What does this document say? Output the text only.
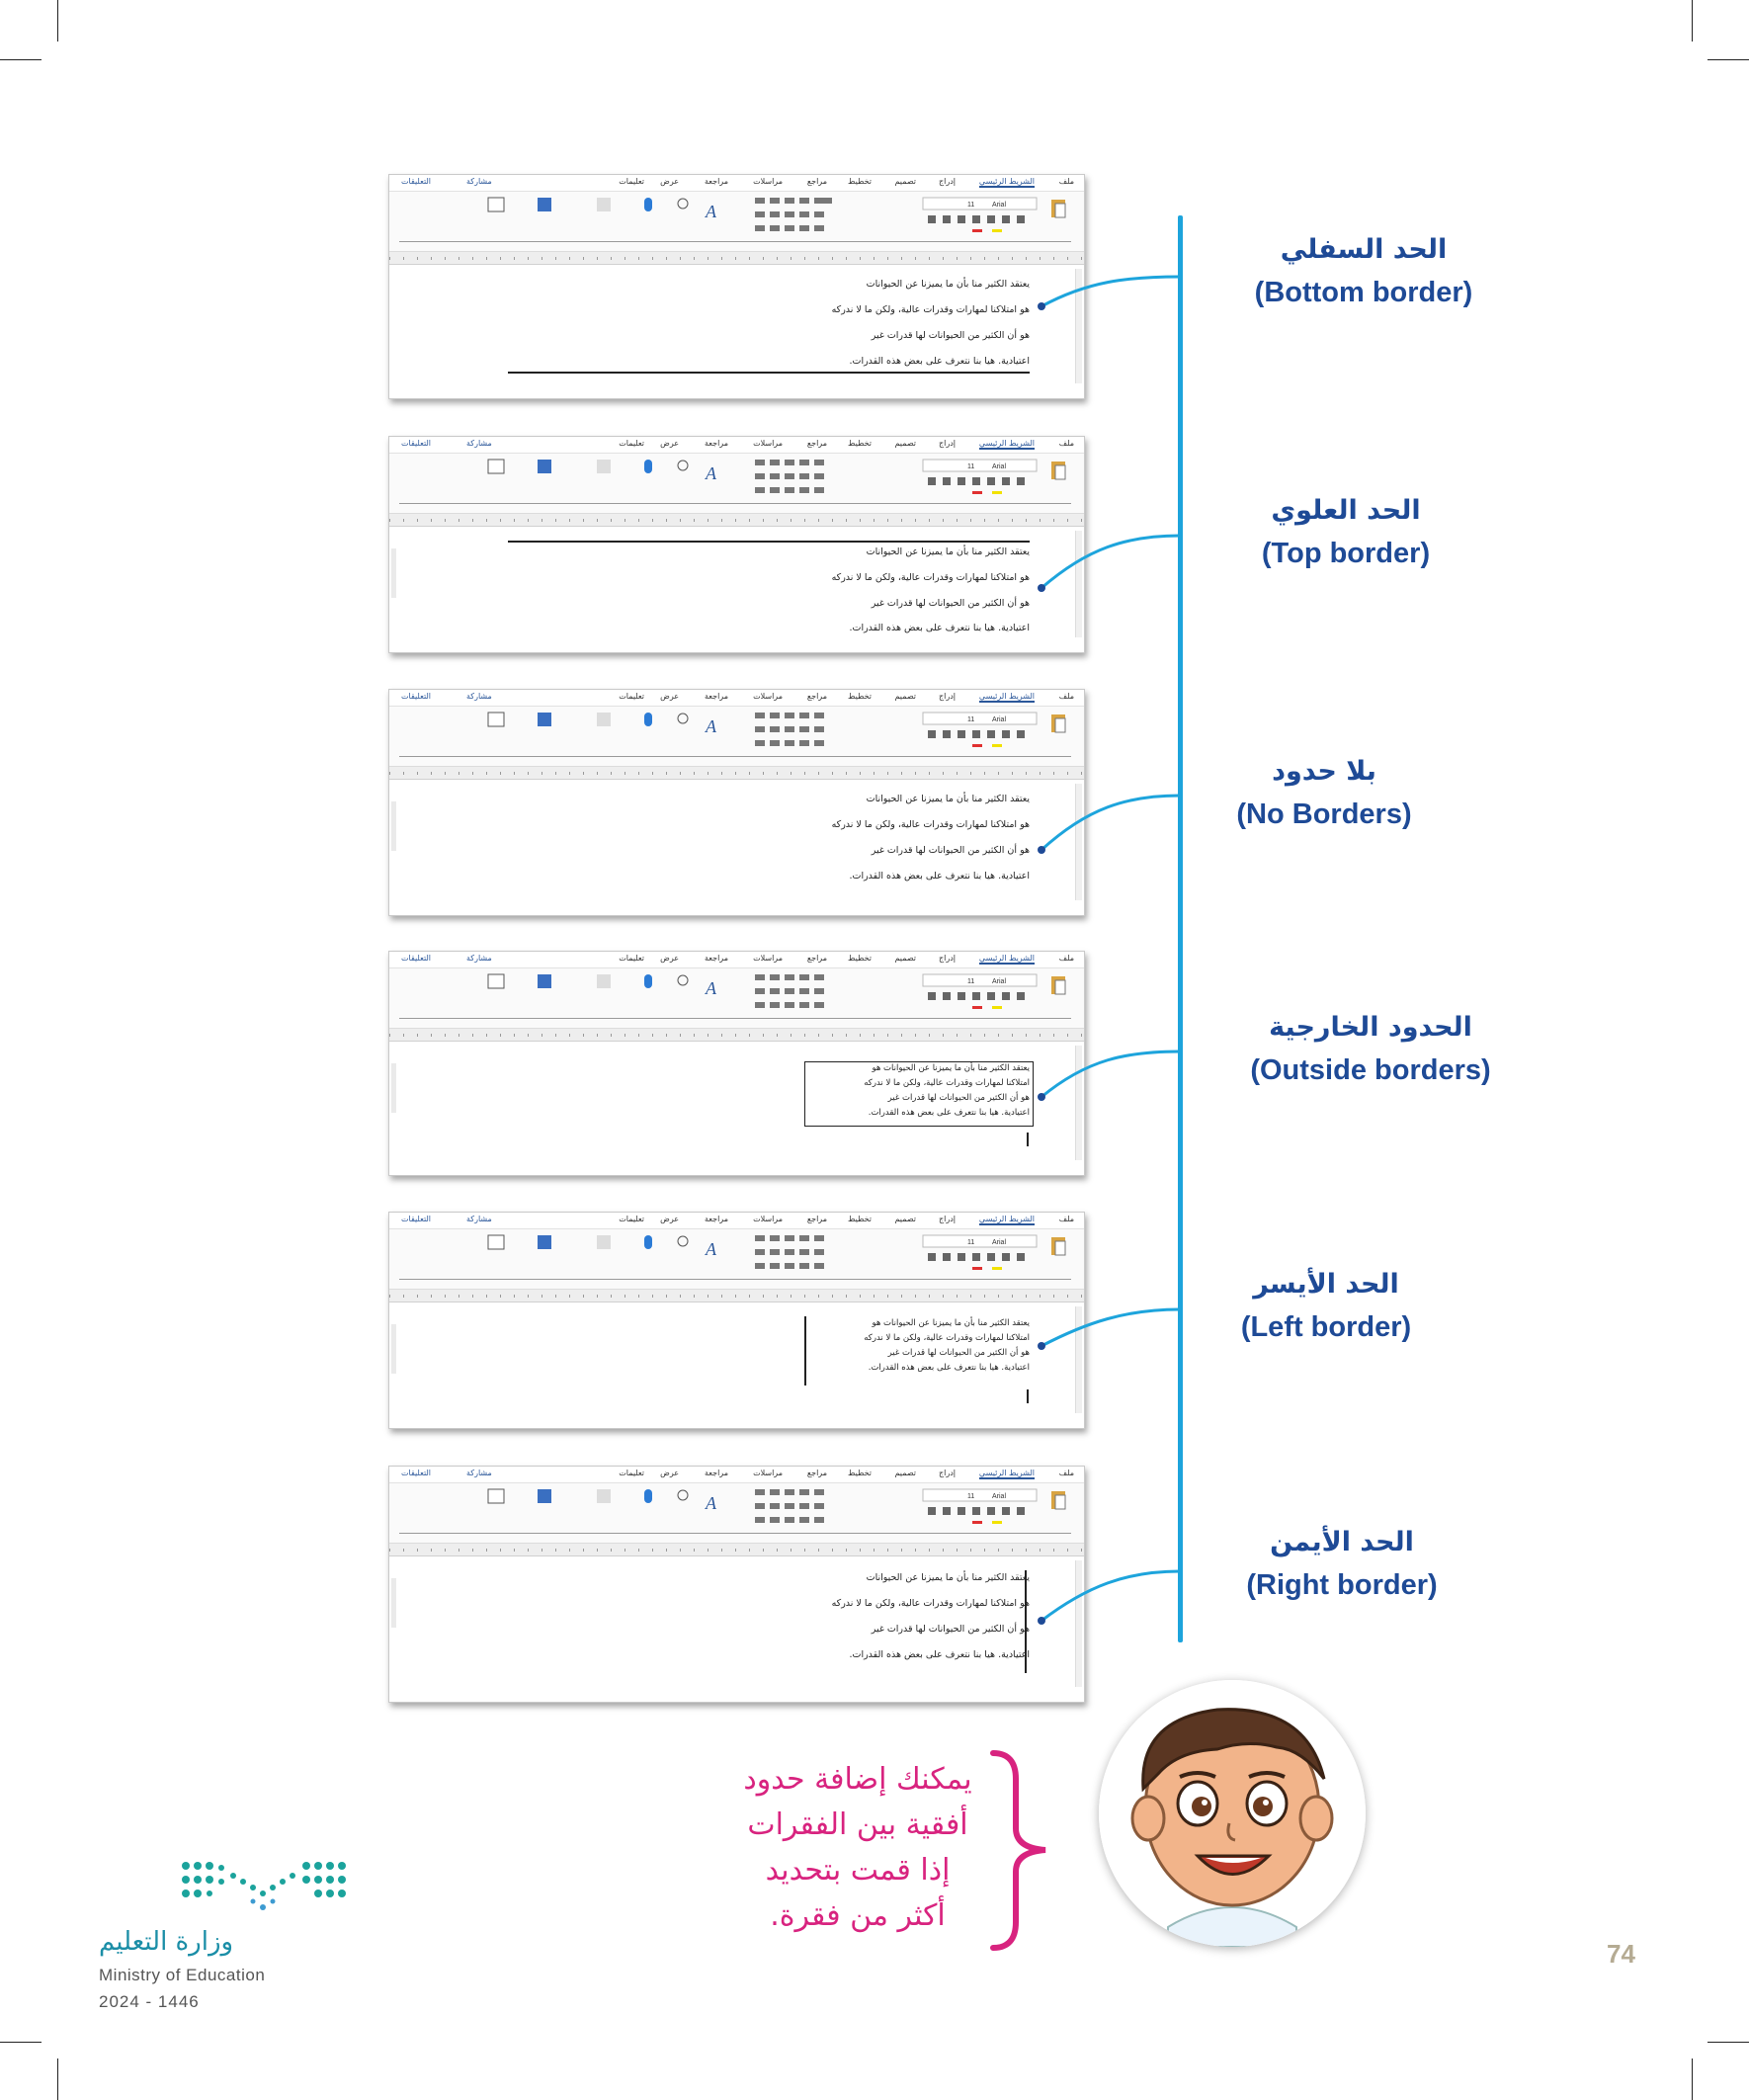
ملف
الشريط الرئيسي
إدراج
تصميم
تخطيط
مراجع
مراسلات
مراجعة
عرض
تعليمات
مشاركة
التعليقات
Arial
11
A
يعتقد الكثير منا بأن ما يميزنا عن الحيوانات
هو امتلاكنا لمهارات وقدرات عالية، ولكن ما لا ندركه
هو أن الكثير من الحيوانات لها قدرات غير
اعتيادية. هيا بنا نتعرف على بعض هذه القدرات.
ملف
الشريط الرئيسي
إدراج
تصميم
تخطيط
مراجع
مراسلات
مراجعة
عرض
تعليمات
مشاركة
التعليقات
Arial
11
A
يعتقد الكثير منا بأن ما يميزنا عن الحيوانات
هو امتلاكنا لمهارات وقدرات عالية، ولكن ما لا ندركه
هو أن الكثير من الحيوانات لها قدرات غير
اعتيادية. هيا بنا نتعرف على بعض هذه القدرات.
ملف
الشريط الرئيسي
إدراج
تصميم
تخطيط
مراجع
مراسلات
مراجعة
عرض
تعليمات
مشاركة
التعليقات
Arial
11
A
يعتقد الكثير منا بأن ما يميزنا عن الحيوانات
هو امتلاكنا لمهارات وقدرات عالية، ولكن ما لا ندركه
هو أن الكثير من الحيوانات لها قدرات غير
اعتيادية. هيا بنا نتعرف على بعض هذه القدرات.
ملف
الشريط الرئيسي
إدراج
تصميم
تخطيط
مراجع
مراسلات
مراجعة
عرض
تعليمات
مشاركة
التعليقات
Arial
11
A
يعتقد الكثير منا بأن ما يميزنا عن الحيوانات هو
امتلاكنا لمهارات وقدرات عالية، ولكن ما لا ندركه
هو أن الكثير من الحيوانات لها قدرات غير
اعتيادية. هيا بنا نتعرف على بعض هذه القدرات.
ملف
الشريط الرئيسي
إدراج
تصميم
تخطيط
مراجع
مراسلات
مراجعة
عرض
تعليمات
مشاركة
التعليقات
Arial
11
A
يعتقد الكثير منا بأن ما يميزنا عن الحيوانات هو
امتلاكنا لمهارات وقدرات عالية، ولكن ما لا ندركه
هو أن الكثير من الحيوانات لها قدرات غير
اعتيادية. هيا بنا نتعرف على بعض هذه القدرات.
ملف
الشريط الرئيسي
إدراج
تصميم
تخطيط
مراجع
مراسلات
مراجعة
عرض
تعليمات
مشاركة
التعليقات
Arial
11
A
يعتقد الكثير منا بأن ما يميزنا عن الحيوانات
هو امتلاكنا لمهارات وقدرات عالية، ولكن ما لا ندركه
هو أن الكثير من الحيوانات لها قدرات غير
اعتيادية. هيا بنا نتعرف على بعض هذه القدرات.
الحد السفلي
(Bottom border)
الحد العلوي
(Top border)
بلا حدود
(No Borders)
الحدود الخارجية
(Outside borders)
الحد الأيسر
(Left border)
الحد الأيمن
(Right border)
يمكنك إضافة حدود
أفقية بين الفقرات
إذا قمت بتحديد
أكثر من فقرة.
74
وزارة التعليم
Ministry of Education
2024 - 1446
